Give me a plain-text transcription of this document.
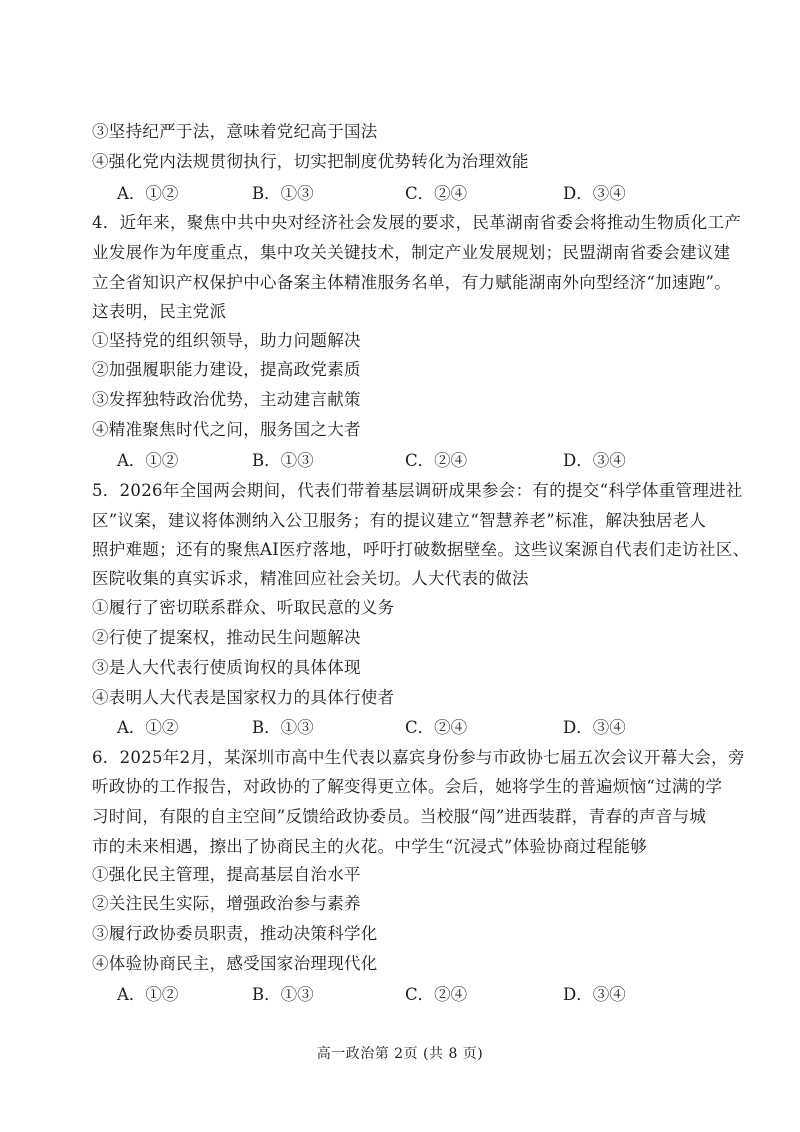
③坚持纪严于法，意味着党纪高于国法
④强化党内法规贯彻执行，切实把制度优势转化为治理效能
A．①②	B．①③	C．②④	D．③④
4．近年来，聚焦中共中央对经济社会发展的要求，民革湖南省委会将推动生物质化工产
业发展作为年度重点，集中攻关关键技术，制定产业发展规划；民盟湖南省委会建议建
立全省知识产权保护中心备案主体精准服务名单，有力赋能湖南外向型经济“加速跑”。
这表明，民主党派
①坚持党的组织领导，助力问题解决
②加强履职能力建设，提高政党素质
③发挥独特政治优势，主动建言献策
④精准聚焦时代之问，服务国之大者
A．①②	B．①③	C．②④	D．③④
5．2026年全国两会期间，代表们带着基层调研成果参会：有的提交“科学体重管理进社
区”议案，建议将体测纳入公卫服务；有的提议建立“智慧养老”标准，解决独居老人
照护难题；还有的聚焦AI医疗落地，呼吁打破数据壁垒。这些议案源自代表们走访社区、
医院收集的真实诉求，精准回应社会关切。人大代表的做法
①履行了密切联系群众、听取民意的义务
②行使了提案权，推动民生问题解决
③是人大代表行使质询权的具体体现
④表明人大代表是国家权力的具体行使者
A．①②	B．①③	C．②④	D．③④
6．2025年2月，某深圳市高中生代表以嘉宾身份参与市政协七届五次会议开幕大会，旁
听政协的工作报告，对政协的了解变得更立体。会后，她将学生的普遍烦恼“过满的学
习时间，有限的自主空间”反馈给政协委员。当校服“闯”进西装群，青春的声音与城
市的未来相遇，擦出了协商民主的火花。中学生“沉浸式”体验协商过程能够
①强化民主管理，提高基层自治水平
②关注民生实际，增强政治参与素养
③履行政协委员职责，推动决策科学化
④体验协商民主，感受国家治理现代化
A．①②	B．①③	C．②④	D．③④
高一政治第 2页 (共 8 页)
